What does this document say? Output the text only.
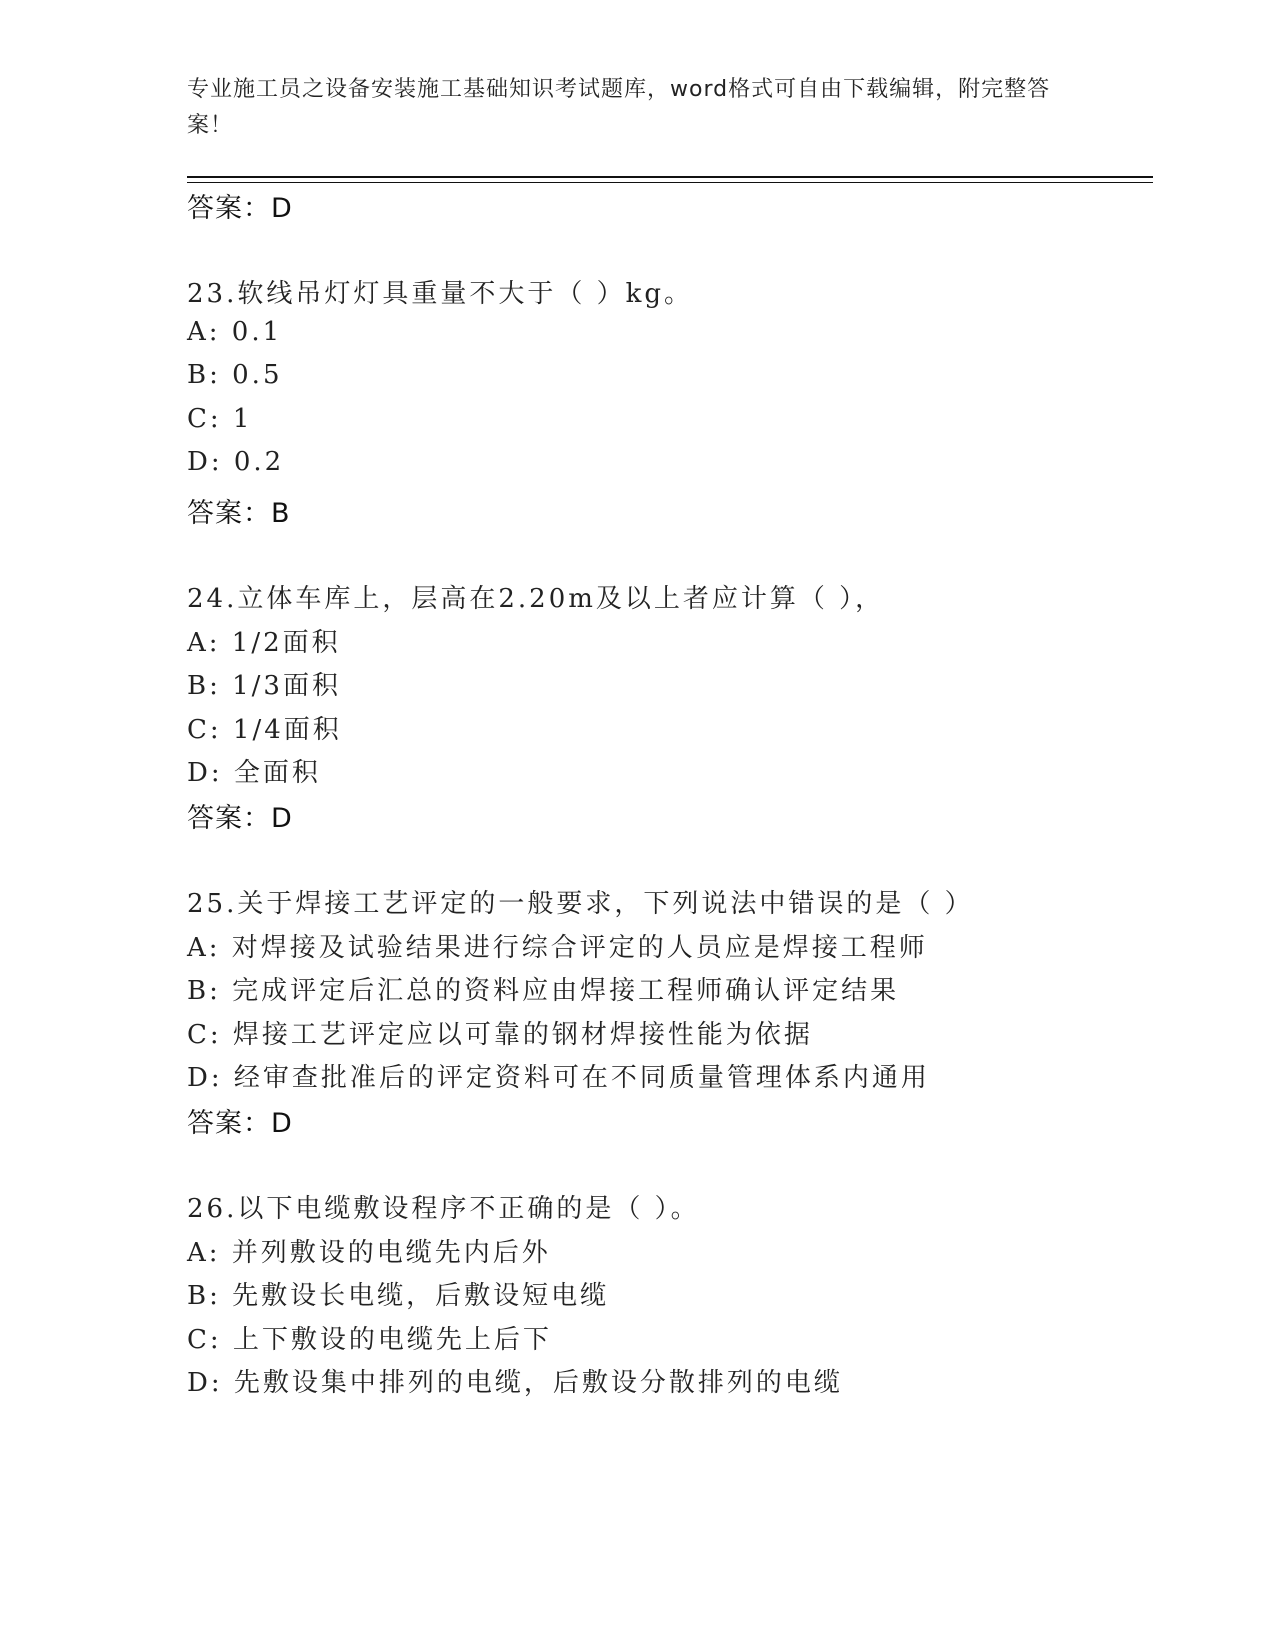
专业施工员之设备安装施工基础知识考试题库，word格式可自由下载编辑，附完整答案！
答案：D
23.软线吊灯灯具重量不大于（ ）kg。
A: 0.1
B: 0.5
C: 1
D: 0.2
答案：B
24.立体车库上，层高在2.20m及以上者应计算（ ），
A: 1/2面积
B: 1/3面积
C: 1/4面积
D: 全面积
答案：D
25.关于焊接工艺评定的一般要求，下列说法中错误的是（ ）
A: 对焊接及试验结果进行综合评定的人员应是焊接工程师
B: 完成评定后汇总的资料应由焊接工程师确认评定结果
C: 焊接工艺评定应以可靠的钢材焊接性能为依据
D: 经审查批准后的评定资料可在不同质量管理体系内通用
答案：D
26.以下电缆敷设程序不正确的是（ ）。
A: 并列敷设的电缆先内后外
B: 先敷设长电缆，后敷设短电缆
C: 上下敷设的电缆先上后下
D: 先敷设集中排列的电缆，后敷设分散排列的电缆
